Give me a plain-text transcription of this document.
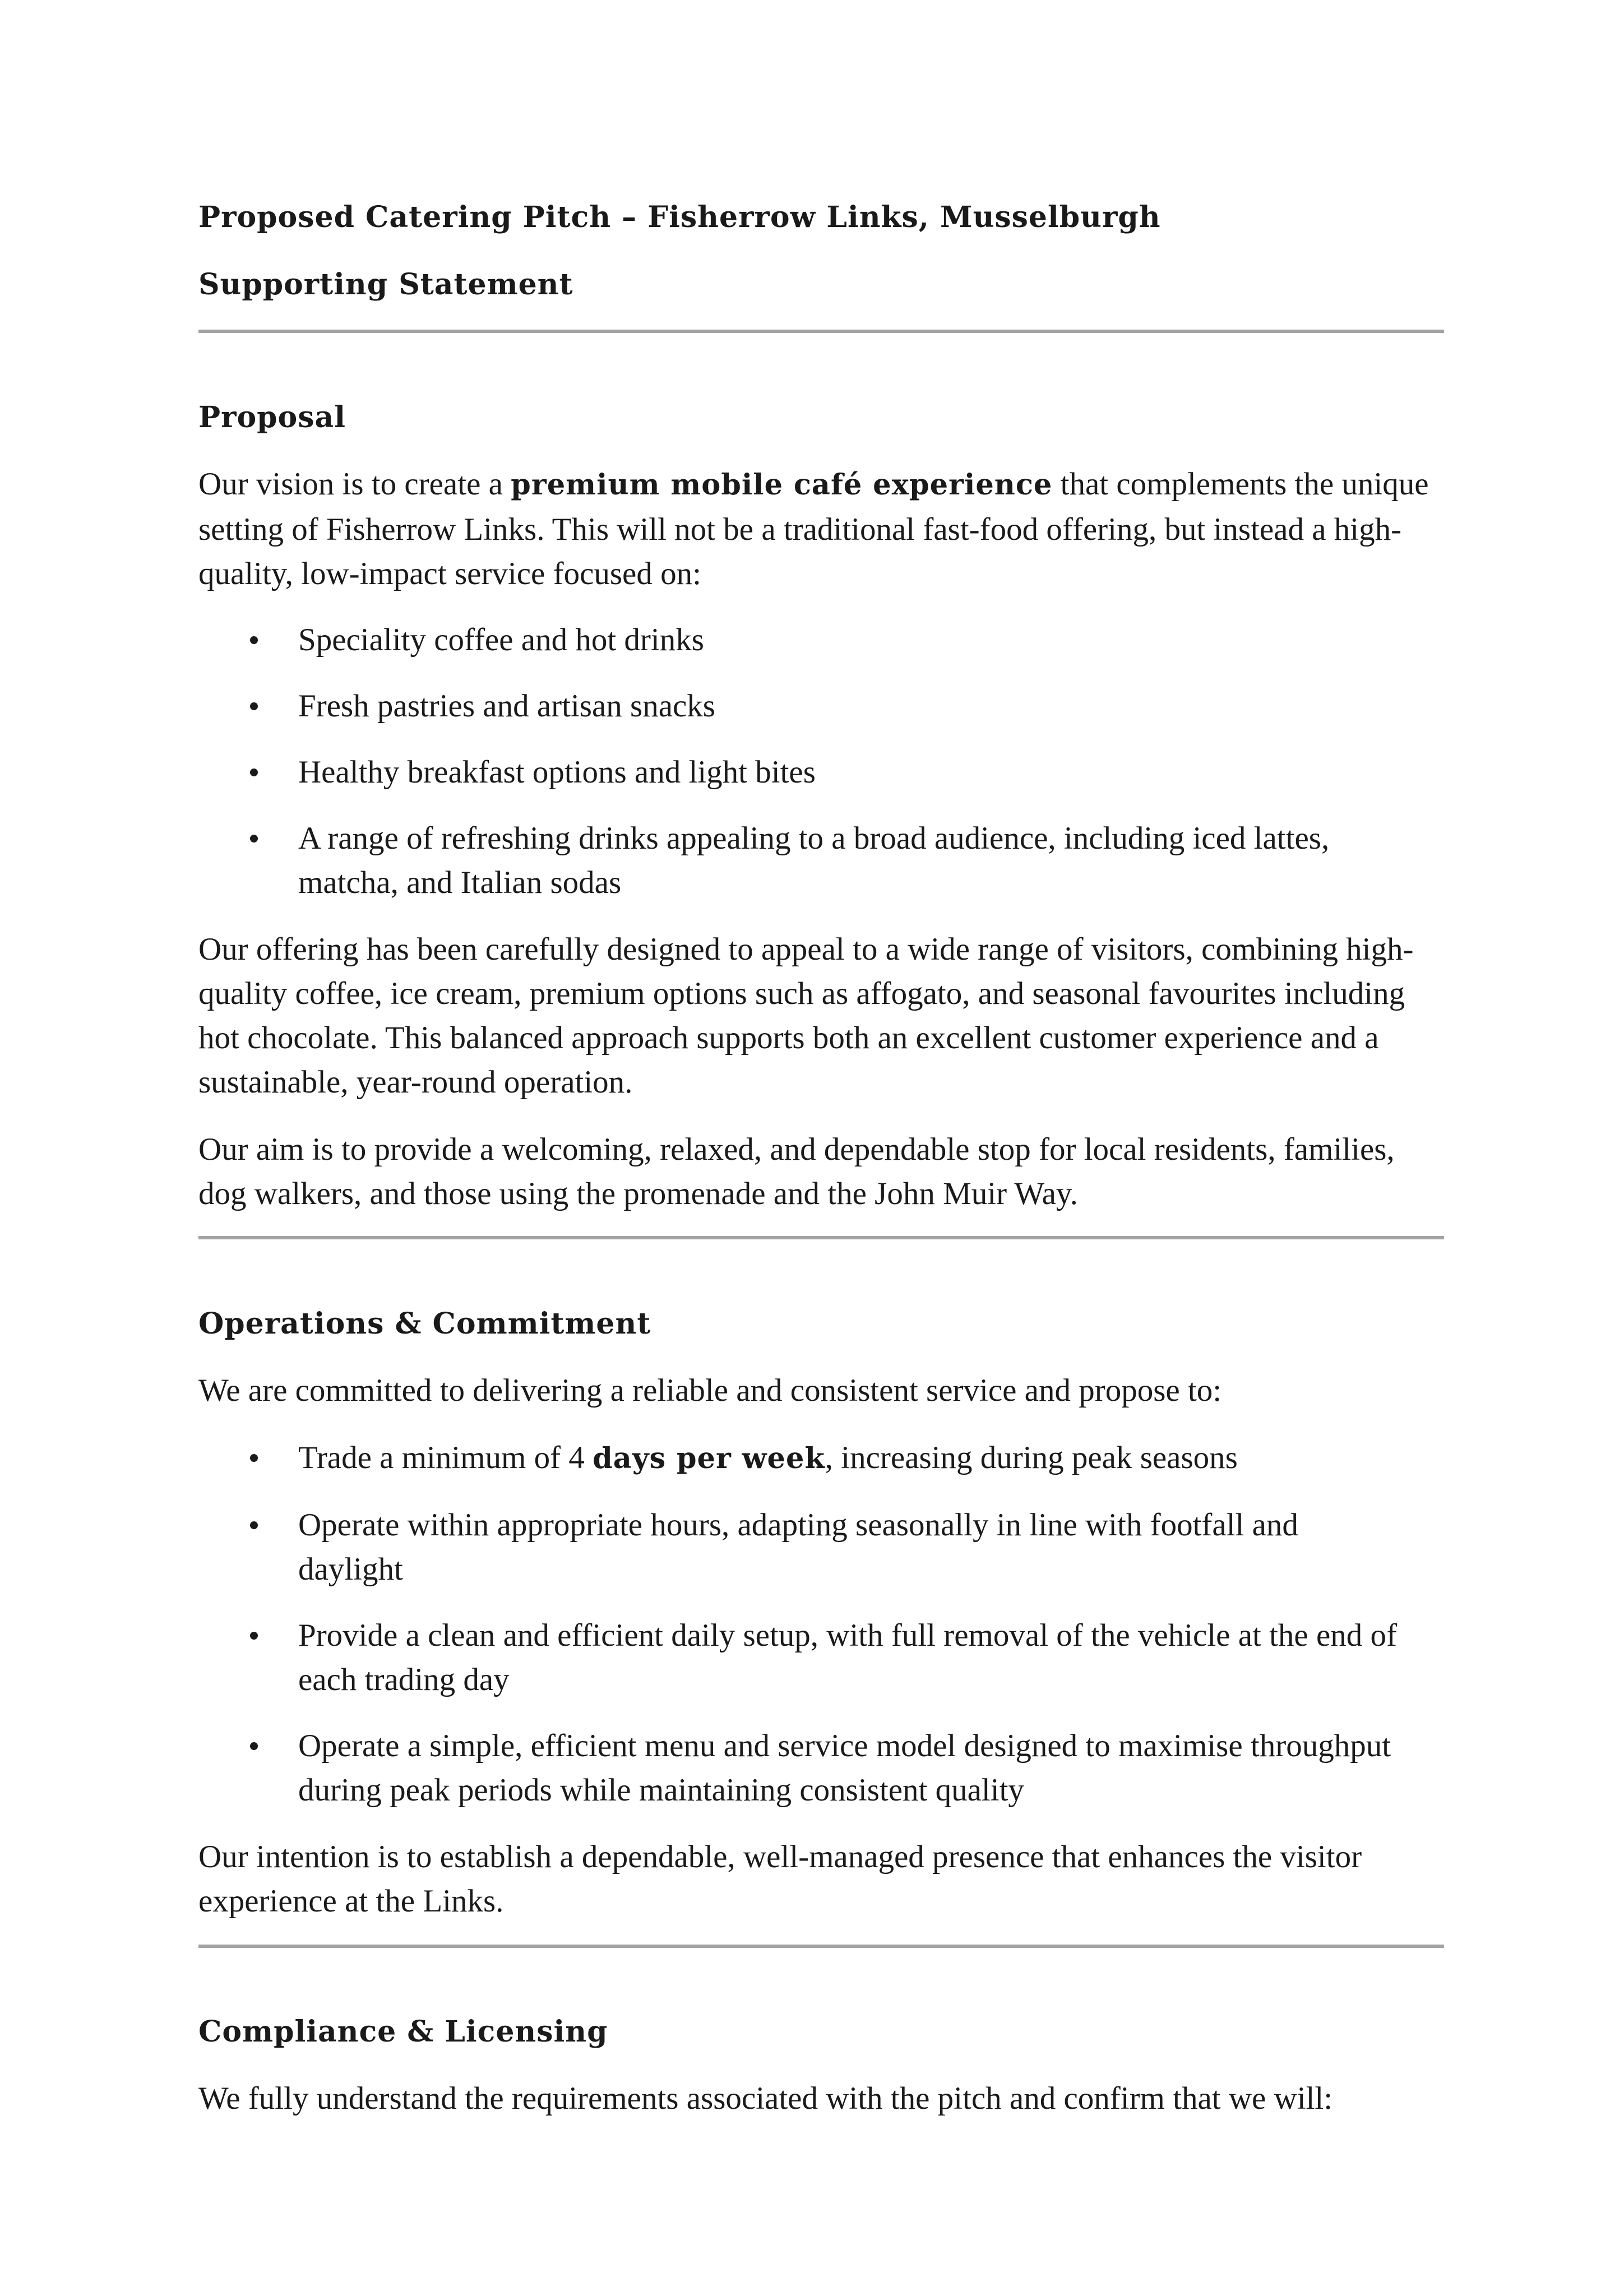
Proposed Catering Pitch – Fisherrow Links, Musselburgh
Supporting Statement
Proposal

Our vision is to create a premium mobile café experience that complements the unique setting of Fisherrow Links. This will not be a traditional fast-food offering, but instead a high-quality, low-impact service focused on:

Speciality coffee and hot drinks
Fresh pastries and artisan snacks
Healthy breakfast options and light bites
A range of refreshing drinks appealing to a broad audience, including iced lattes, matcha, and Italian sodas

Our offering has been carefully designed to appeal to a wide range of visitors, combining high-quality coffee, ice cream, premium options such as affogato, and seasonal favourites including hot chocolate. This balanced approach supports both an excellent customer experience and a sustainable, year-round operation.

Our aim is to provide a welcoming, relaxed, and dependable stop for local residents, families, dog walkers, and those using the promenade and the John Muir Way.

Operations & Commitment

We are committed to delivering a reliable and consistent service and propose to:

Trade a minimum of 4 days per week, increasing during peak seasons
Operate within appropriate hours, adapting seasonally in line with footfall and daylight
Provide a clean and efficient daily setup, with full removal of the vehicle at the end of each trading day
Operate a simple, efficient menu and service model designed to maximise throughput during peak periods while maintaining consistent quality

Our intention is to establish a dependable, well-managed presence that enhances the visitor experience at the Links.

Compliance & Licensing

We fully understand the requirements associated with the pitch and confirm that we will:
